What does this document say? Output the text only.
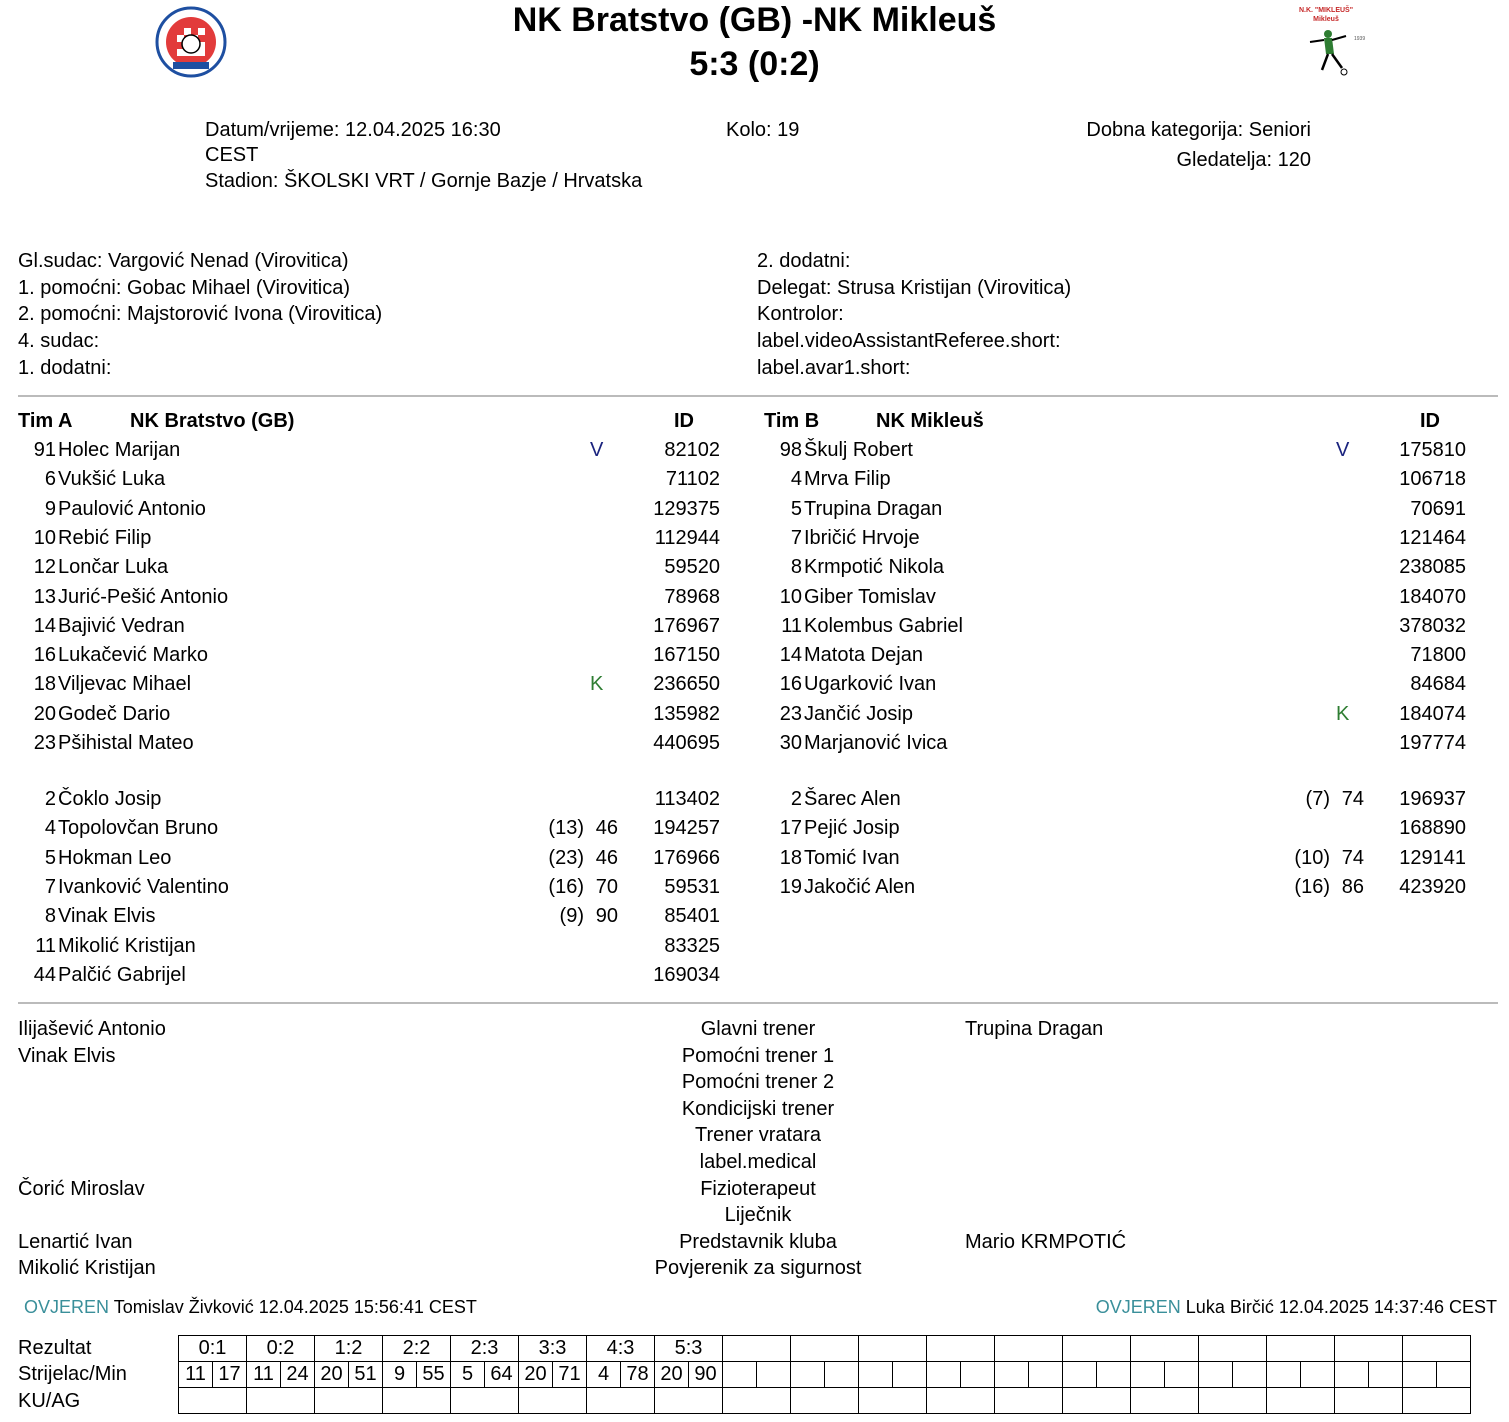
N.K. "MIKLEUŠ"
Mikleuš
1939
NK Bratstvo (GB) -NK Mikleuš
5:3 (0:2)
Datum/vrijeme: 12.04.2025 16:30
CEST
Stadion: ŠKOLSKI VRT / Gornje Bazje / Hrvatska
Kolo: 19	Dobna kategorija: Seniori
Gledatelja: 120
Gl.sudac: Vargović Nenad (Virovitica)
1. pomoćni: Gobac Mihael (Virovitica)
2. pomoćni: Majstorović Ivona (Virovitica)
4. sudac:
1. dodatni:
2. dodatni:
Delegat: Strusa Kristijan (Virovitica)
Kontrolor:
label.videoAssistantReferee.short:
label.avar1.short:
Tim A	NK Bratstvo (GB)	ID	Tim B	NK Mikleuš	ID
91 Holec Marijan	V	82102
6 Vukšić Luka	71102
9 Paulović Antonio	129375
10 Rebić Filip	112944
12 Lončar Luka	59520
13 Jurić-Pešić Antonio	78968
14 Bajivić Vedran	176967
16 Lukačević Marko	167150
18 Viljevac Mihael	K	236650
20 Godeč Dario	135982
23 Pšihistal Mateo	440695
2 Čoklo Josip	113402
4 Topolovčan Bruno	(13) 46	194257
5 Hokman Leo	(23) 46	176966
7 Ivanković Valentino	(16) 70	59531
8 Vinak Elvis	(9) 90	85401
11 Mikolić Kristijan	83325
44 Palčić Gabrijel	169034
98 Škulj Robert	V	175810
4 Mrva Filip	106718
5 Trupina Dragan	70691
7 Ibričić Hrvoje	121464
8 Krmpotić Nikola	238085
10 Giber Tomislav	184070
11 Kolembus Gabriel	378032
14 Matota Dejan	71800
16 Ugarković Ivan	84684
23 Jančić Josip	K	184074
30 Marjanović Ivica	197774
2 Šarec Alen	(7) 74	196937
17 Pejić Josip	168890
18 Tomić Ivan	(10) 74	129141
19 Jakočić Alen	(16) 86	423920
Ilijašević Antonio	Glavni trener	Trupina Dragan
Vinak Elvis	Pomoćni trener 1
Pomoćni trener 2
Kondicijski trener
Trener vratara
label.medical
Čorić Miroslav	Fizioterapeut
Liječnik
Lenartić Ivan	Predstavnik kluba	Mario KRMPOTIĆ
Mikolić Kristijan	Povjerenik za sigurnost
OVJEREN Tomislav Živković 12.04.2025 15:56:41 CEST	OVJEREN Luka Birčić 12.04.2025 14:37:46 CEST
Rezultat
Strijelac/Min
KU/AG
0:1		0:2		1:2		2:2		2:3		3:3		4:3		5:3																							
11	17	11	24	20	51	9	55	5	64	20	71	4	78	20	90																						
